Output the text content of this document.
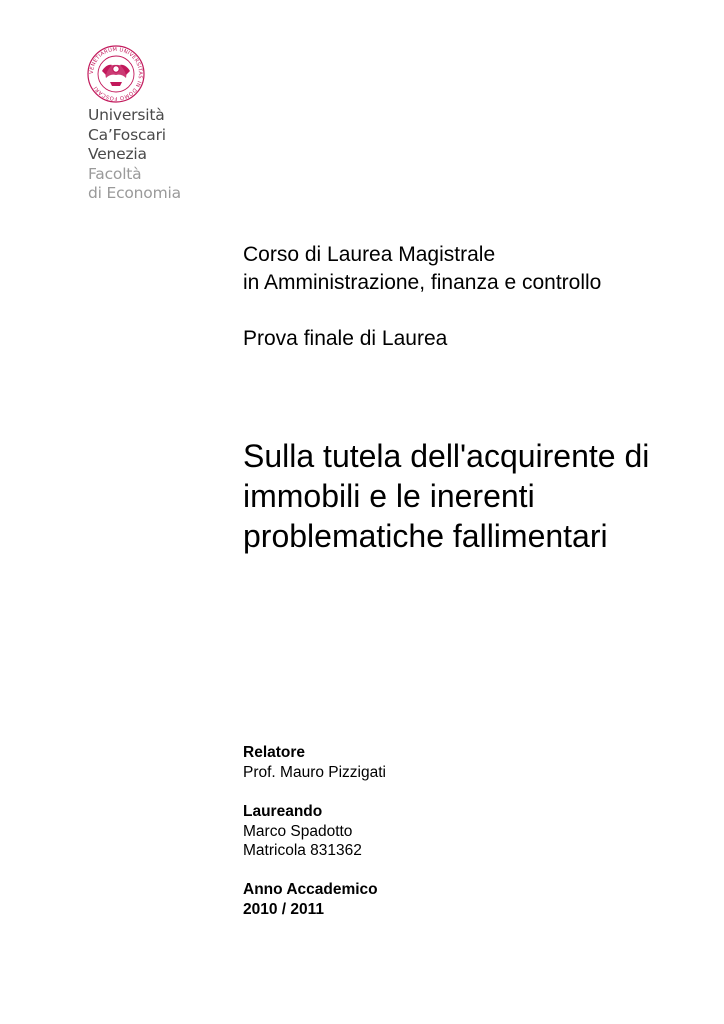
VENETIARUM UNIVERSITAS IN DOMO FOSCARI
Università
Ca’Foscari
Venezia
Facoltà
di Economia
Corso di Laurea Magistrale
in Amministrazione, finanza e controllo
Prova finale di Laurea
Sulla tutela dell'acquirente di
immobili e le inerenti
problematiche fallimentari
Relatore
Prof. Mauro Pizzigati
Laureando
Marco Spadotto
Matricola 831362
Anno Accademico
2010 / 2011
